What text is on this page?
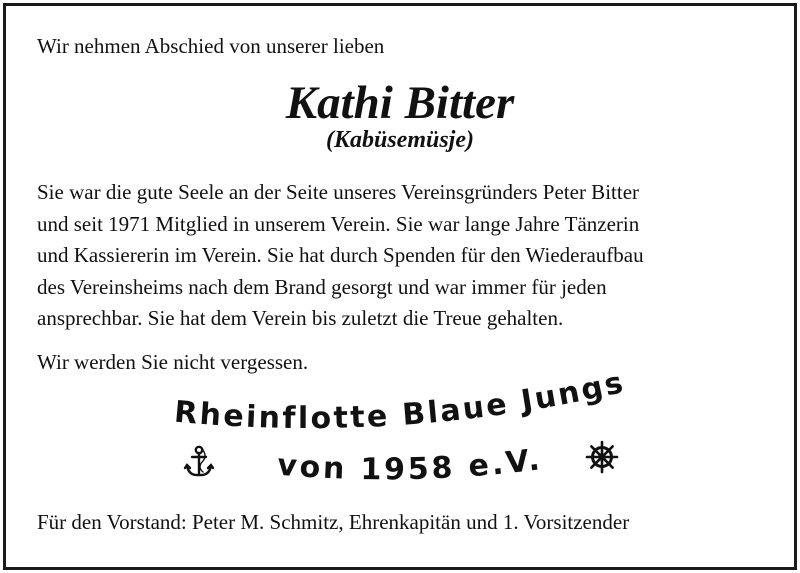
Wir nehmen Abschied von unserer lieben
Kathi Bitter
(Kabüsemüsje)
Sie war die gute Seele an der Seite unseres Vereinsgründers Peter Bitter
und seit 1971 Mitglied in unserem Verein. Sie war lange Jahre Tänzerin
und Kassiererin im Verein. Sie hat durch Spenden für den Wiederaufbau
des Vereinsheims nach dem Brand gesorgt und war immer für jeden
ansprechbar. Sie hat dem Verein bis zuletzt die Treue gehalten.
Wir werden Sie nicht vergessen.
Rheinflotte Blaue Jungs
von 1958 e.V.
Für den Vorstand: Peter M. Schmitz, Ehrenkapitän und 1. Vorsitzender
